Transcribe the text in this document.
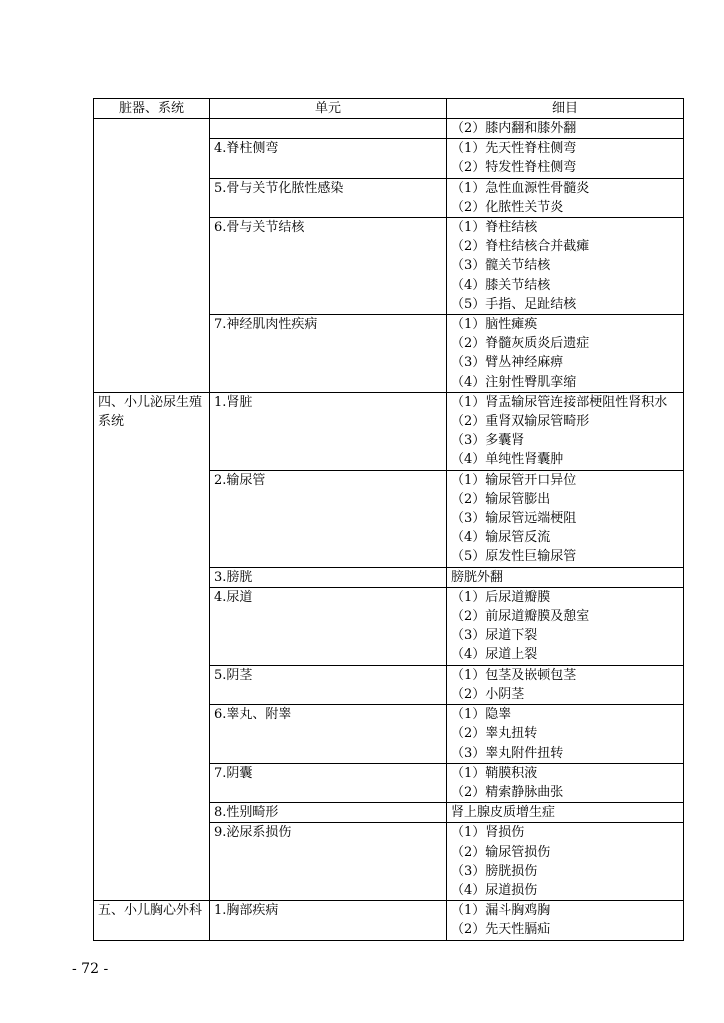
脏器、系统	单元	细目

		（2）膝内翻和膝外翻

	4.脊柱侧弯	（1）先天性脊柱侧弯
（2）特发性脊柱侧弯

	5.骨与关节化脓性感染	（1）急性血源性骨髓炎
（2）化脓性关节炎

	6.骨与关节结核	（1）脊柱结核
（2）脊柱结核合并截瘫
（3）髋关节结核
（4）膝关节结核
（5）手指、足趾结核

	7.神经肌肉性疾病	（1）脑性瘫痪
（2）脊髓灰质炎后遗症
（3）臂丛神经麻痹
（4）注射性臀肌挛缩

四、小儿泌尿生殖系统	1.肾脏	（1）肾盂输尿管连接部梗阻性肾积水
（2）重肾双输尿管畸形
（3）多囊肾
（4）单纯性肾囊肿

	2.输尿管	（1）输尿管开口异位
（2）输尿管膨出
（3）输尿管远端梗阻
（4）输尿管反流
（5）原发性巨输尿管

	3.膀胱	膀胱外翻

	4.尿道	（1）后尿道瓣膜
（2）前尿道瓣膜及憩室
（3）尿道下裂
（4）尿道上裂

	5.阴茎	（1）包茎及嵌顿包茎
（2）小阴茎

	6.睾丸、附睾	（1）隐睾
（2）睾丸扭转
（3）睾丸附件扭转

	7.阴囊	（1）鞘膜积液
（2）精索静脉曲张

	8.性别畸形	肾上腺皮质增生症

	9.泌尿系损伤	（1）肾损伤
（2）输尿管损伤
（3）膀胱损伤
（4）尿道损伤

五、小儿胸心外科	1.胸部疾病	（1）漏斗胸鸡胸
（2）先天性膈疝
- 72 -
